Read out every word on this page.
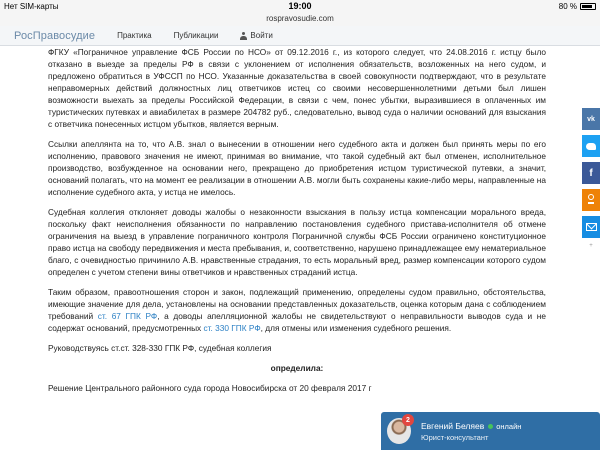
Нет SIM-карты	19:00	80 %
rospravosudie.com
РосПравосудие	Практика	Публикации	Войти

ФГКУ «Пограничное управление ФСБ России по НСО» от 09.12.2016 г., из которого следует, что 24.08.2016 г. истцу было отказано в выезде за пределы РФ в связи с уклонением от исполнения обязательств, возложенных на него судом, и предложено обратиться в УФССП по НСО. Указанные доказательства в своей совокупности подтверждают, что в результате неправомерных действий должностных лиц ответчиков истец со своими несовершеннолетними детьми был лишен возможности выехать за пределы Российской Федерации, в связи с чем, понес убытки, выразившиеся в оплаченных им туристических путевках и авиабилетах в размере 204782 руб., следовательно, вывод суда о наличии оснований для взыскания с ответчика понесенных истцом убытков, является верным.

Ссылки апеллянта на то, что А.В. знал о вынесении в отношении него судебного акта и должен был принять меры по его исполнению, правового значения не имеют, принимая во внимание, что такой судебный акт был отменен, исполнительное производство, возбужденное на основании него, прекращено до приобретения истцом туристической путевки, а значит, оснований полагать, что на момент ее реализации в отношении А.В. могли быть сохранены какие-либо меры, направленные на исполнение судебного акта, у истца не имелось.

Судебная коллегия отклоняет доводы жалобы о незаконности взыскания в пользу истца компенсации морального вреда, поскольку факт неисполнения обязанности по направлению постановления судебного пристава-исполнителя об отмене ограничения на выезд в управление пограничного контроля Пограничной службы ФСБ России ограничено конституционное право истца на свободу передвижения и места пребывания, и, соответственно, нарушено принадлежащее ему нематериальное благо, с очевидностью причинило А.В. нравственные страдания, то есть моральный вред, размер компенсации которого судом определен с учетом степени вины ответчиков и нравственных страданий истца.

Таким образом, правоотношения сторон и закон, подлежащий применению, определены судом правильно, обстоятельства, имеющие значение для дела, установлены на основании представленных доказательств, оценка которым дана с соблюдением требований ст. 67 ГПК РФ, а доводы апелляционной жалобы не свидетельствуют о неправильности выводов суда и не содержат оснований, предусмотренных ст. 330 ГПК РФ, для отмены или изменения судебного решения.

Руководствуясь ст.ст. 328-330 ГПК РФ, судебная коллегия

определила:

Решение Центрального районного суда города Новосибирска от 20 февраля 2017 г

vk
f
+
2
Евгений Беляев онлайн
Юрист-консультант
